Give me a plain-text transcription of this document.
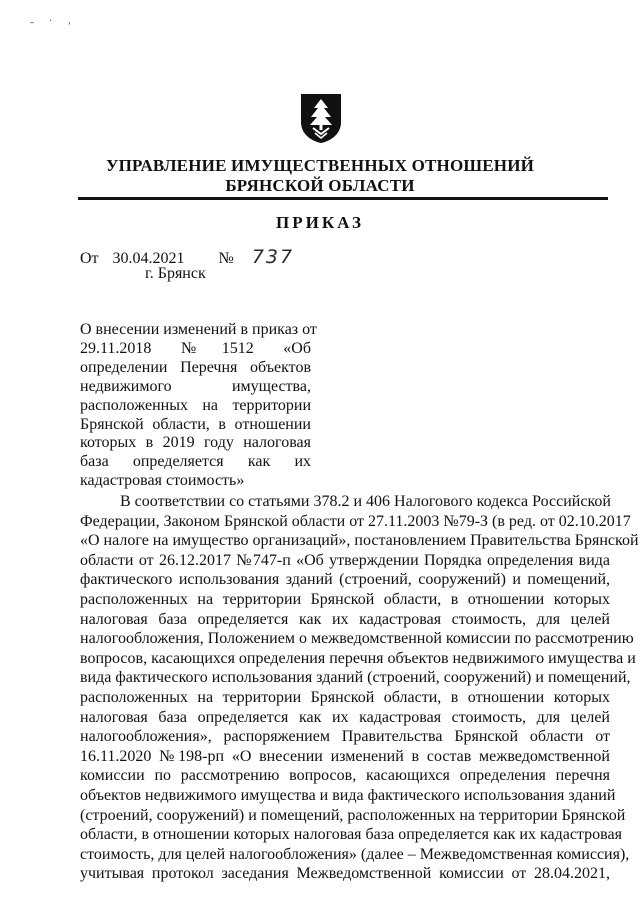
˗ ˑ ˒
УПРАВЛЕНИЕ ИМУЩЕСТВЕННЫХ ОТНОШЕНИЙ
БРЯНСКОЙ ОБЛАСТИ
ПРИКАЗ
От 30.04.2021 № 737
г. Брянск
О внесении изменений в приказ от
29.11.2018 №1512 «Об
определении Перечня объектов
недвижимого имущества,
расположенных на территории
Брянской области, в отношении
которых в 2019 году налоговая
база определяется как их
кадастровая стоимость»
В соответствии со статьями 378.2 и 406 Налогового кодекса Российской
Федерации, Законом Брянской области от 27.11.2003 №79-З (в ред. от 02.10.2017
«О налоге на имущество организаций», постановлением Правительства Брянской
области от 26.12.2017 №747-п «Об утверждении Порядка определения вида
фактического использования зданий (строений, сооружений) и помещений,
расположенных на территории Брянской области, в отношении которых
налоговая база определяется как их кадастровая стоимость, для целей
налогообложения, Положением о межведомственной комиссии по рассмотрению
вопросов, касающихся определения перечня объектов недвижимого имущества и
вида фактического использования зданий (строений, сооружений) и помещений,
расположенных на территории Брянской области, в отношении которых
налоговая база определяется как их кадастровая стоимость, для целей
налогообложения», распоряжением Правительства Брянской области от
16.11.2020 №198-рп «О внесении изменений в состав межведомственной
комиссии по рассмотрению вопросов, касающихся определения перечня
объектов недвижимого имущества и вида фактического использования зданий
(строений, сооружений) и помещений, расположенных на территории Брянской
области, в отношении которых налоговая база определяется как их кадастровая
стоимость, для целей налогообложения» (далее – Межведомственная комиссия),
учитывая протокол заседания Межведомственной комиссии от 28.04.2021,
